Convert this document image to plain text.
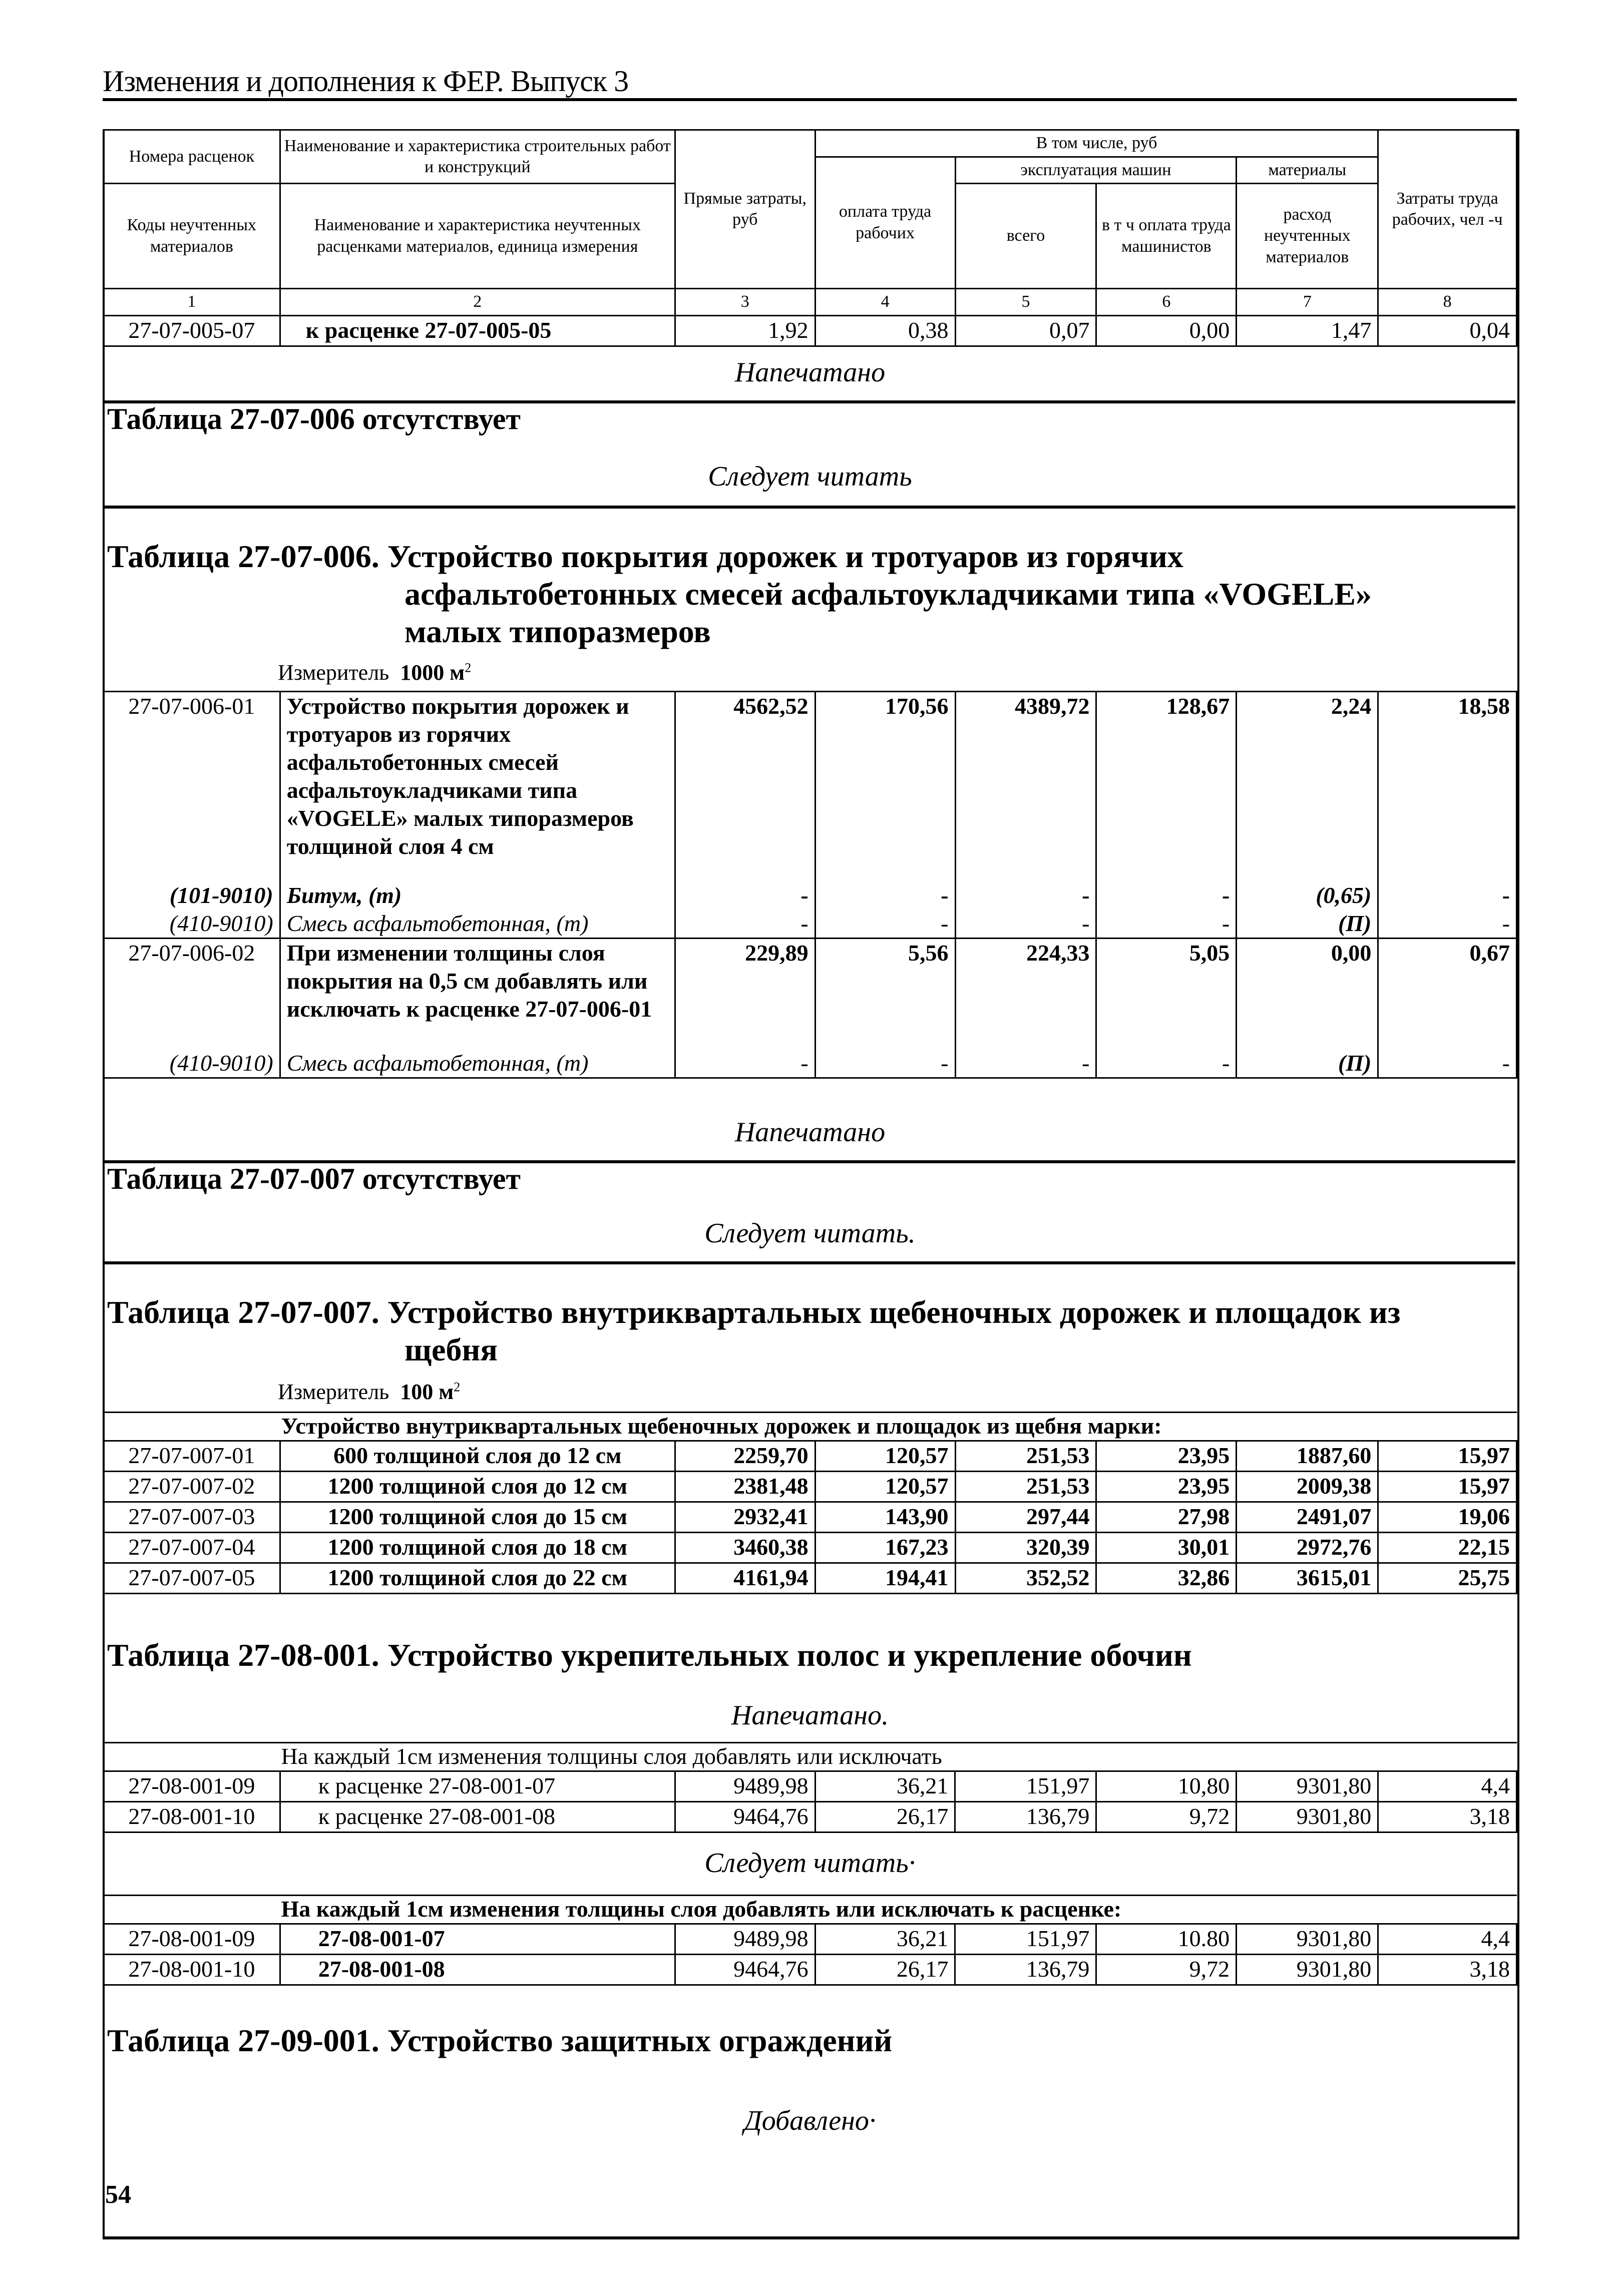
Изменения и дополнения к ФЕР. Выпуск 3
Номера расценок	Наименование и характеристика строительных работ и конструкций	Прямые затраты, руб	В том числе, руб				Затраты труда рабочих, чел -ч
			оплата труда рабочих	эксплуатация машин		материалы	
Коды неучтенных материалов	Наименование и характеристика неучтенных расценками материалов, единица измерения			всего	в т ч оплата труда машинистов	расход неучтенных материалов	

1	2	3	4	5	6	7	8
27-07-005-07	к расценке 27-07-005-05	1,92	0,38	0,07	0,00	1,47	0,04
Напечатано
Таблица 27-07-006 отсутствует
Следует читать
Таблица 27-07-006. Устройство покрытия дорожек и тротуаров из горячих
асфальтобетонных смесей асфальтоукладчиками типа «VOGELE»
малых типоразмеров
Измеритель 1000 $м^2$
27-07-006-01	Устройство покрытия дорожек и тротуаров из горячих асфальтобетонных смесей асфальтоукладчиками типа «VOGELE» малых типоразмеров толщиной слоя 4 см	4562,52	170,56	4389,72	128,67	2,24	18,58
(101-9010)	Битум, (т)	-	-	-	-	(0,65)	-
(410-9010)	Смесь асфальтобетонная, (т)	-	-	-	-	(П)	-
27-07-006-02	При изменении толщины слоя покрытия на 0,5 см добавлять или исключать к расценке 27-07-006-01	229,89	5,56	224,33	5,05	0,00	0,67
(410-9010)	Смесь асфальтобетонная, (т)	-	-	-	-	(П)	-
Напечатано
Таблица 27-07-007 отсутствует
Следует читать.
Таблица 27-07-007. Устройство внутриквартальных щебеночных дорожек и площадок из
щебня
Измеритель 100 $м^2$
Устройство внутриквартальных щебеночных дорожек и площадок из щебня марки:							
27-07-007-01	600 толщиной слоя до 12 см	2259,70	120,57	251,53	23,95	1887,60	15,97
27-07-007-02	1200 толщиной слоя до 12 см	2381,48	120,57	251,53	23,95	2009,38	15,97
27-07-007-03	1200 толщиной слоя до 15 см	2932,41	143,90	297,44	27,98	2491,07	19,06
27-07-007-04	1200 толщиной слоя до 18 см	3460,38	167,23	320,39	30,01	2972,76	22,15
27-07-007-05	1200 толщиной слоя до 22 см	4161,94	194,41	352,52	32,86	3615,01	25,75
Таблица 27-08-001. Устройство укрепительных полос и укрепление обочин
Напечатано.
На каждый 1см изменения толщины слоя добавлять или исключать							
27-08-001-09	к расценке 27-08-001-07	9489,98	36,21	151,97	10,80	9301,80	4,4
27-08-001-10	к расценке 27-08-001-08	9464,76	26,17	136,79	9,72	9301,80	3,18
Следует читать·
На каждый 1см изменения толщины слоя добавлять или исключать к расценке:							
27-08-001-09	27-08-001-07	9489,98	36,21	151,97	10.80	9301,80	4,4
27-08-001-10	27-08-001-08	9464,76	26,17	136,79	9,72	9301,80	3,18
Таблица 27-09-001. Устройство защитных ограждений
Добавлено·
54
